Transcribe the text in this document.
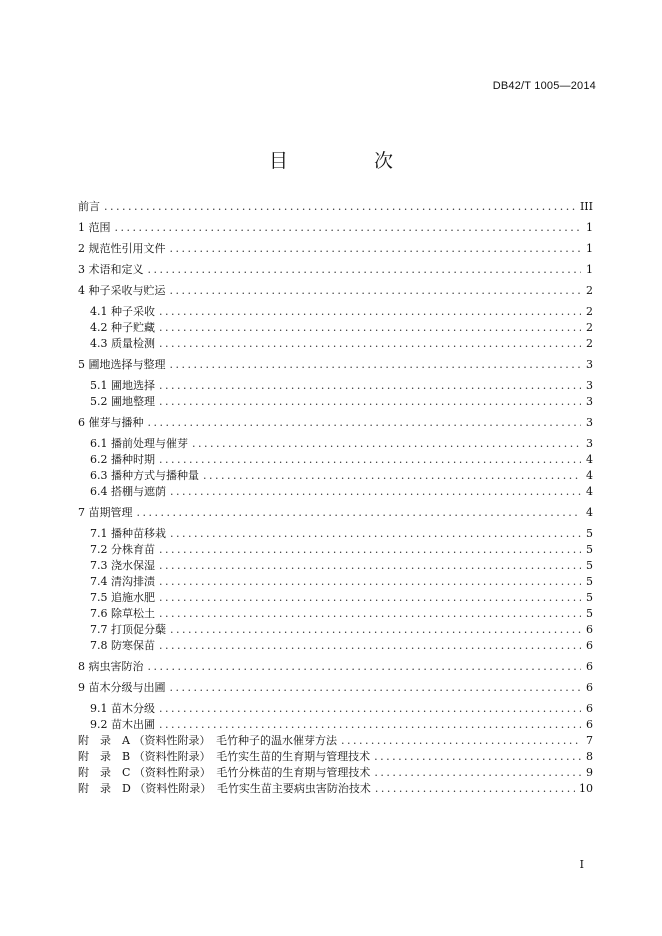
DB42/T 1005—2014
目 次
前言 .....	III
1 范围 .....	1
2 规范性引用文件 .....	1
3 术语和定义 .....	1
4 种子采收与贮运 .....	2
4.1 种子采收 .....	2
4.2 种子贮藏 .....	2
4.3 质量检测 .....	2
5 圃地选择与整理 .....	3
5.1 圃地选择 .....	3
5.2 圃地整理 .....	3
6 催芽与播种 .....	3
6.1 播前处理与催芽 .....	3
6.2 播种时期 .....	4
6.3 播种方式与播种量 .....	4
6.4 搭棚与遮荫 .....	4
7 苗期管理 .....	4
7.1 播种苗移栽 .....	5
7.2 分株育苗 .....	5
7.3 浇水保湿 .....	5
7.4 清沟排渍 .....	5
7.5 追施水肥 .....	5
7.6 除草松土 .....	5
7.7 打顶促分蘖 .....	6
7.8 防寒保苗 .....	6
8 病虫害防治 .....	6
9 苗木分级与出圃 .....	6
9.1 苗木分级 .....	6
9.2 苗木出圃 .....	6
附　录　A （资料性附录）　毛竹种子的温水催芽方法 .....	7
附　录　B （资料性附录）　毛竹实生苗的生育期与管理技术 .....	8
附　录　C （资料性附录）　毛竹分株苗的生育期与管理技术 .....	9
附　录　D （资料性附录）　毛竹实生苗主要病虫害防治技术 .....	10
I
